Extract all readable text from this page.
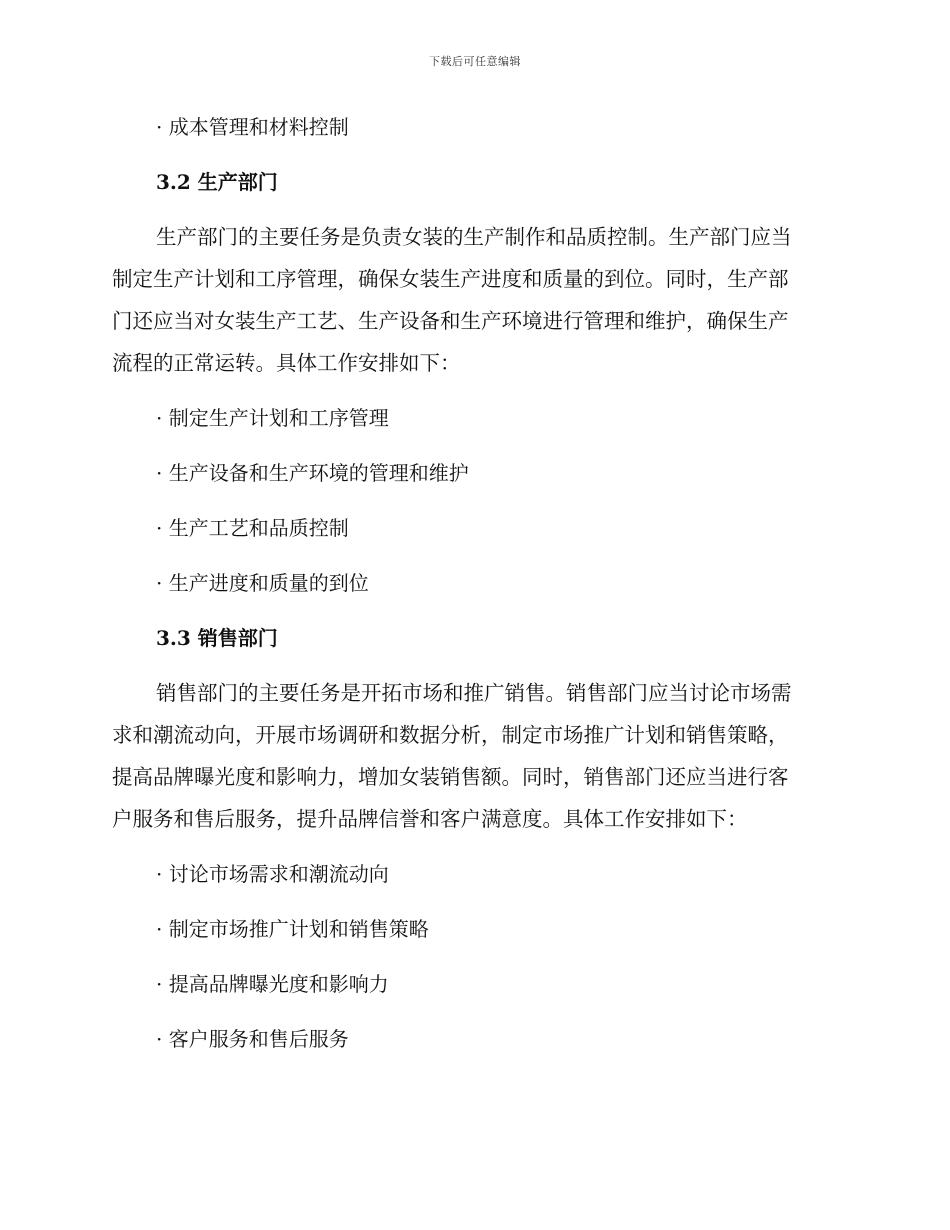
下载后可任意编辑
· 成本管理和材料控制
3.2 生产部门
生产部门的主要任务是负责女装的生产制作和品质控制。生产部门应当
制定生产计划和工序管理，确保女装生产进度和质量的到位。同时，生产部
门还应当对女装生产工艺、生产设备和生产环境进行管理和维护，确保生产
流程的正常运转。具体工作安排如下：
· 制定生产计划和工序管理
· 生产设备和生产环境的管理和维护
· 生产工艺和品质控制
· 生产进度和质量的到位
3.3 销售部门
销售部门的主要任务是开拓市场和推广销售。销售部门应当讨论市场需
求和潮流动向，开展市场调研和数据分析，制定市场推广计划和销售策略，
提高品牌曝光度和影响力，增加女装销售额。同时，销售部门还应当进行客
户服务和售后服务，提升品牌信誉和客户满意度。具体工作安排如下：
· 讨论市场需求和潮流动向
· 制定市场推广计划和销售策略
· 提高品牌曝光度和影响力
· 客户服务和售后服务
